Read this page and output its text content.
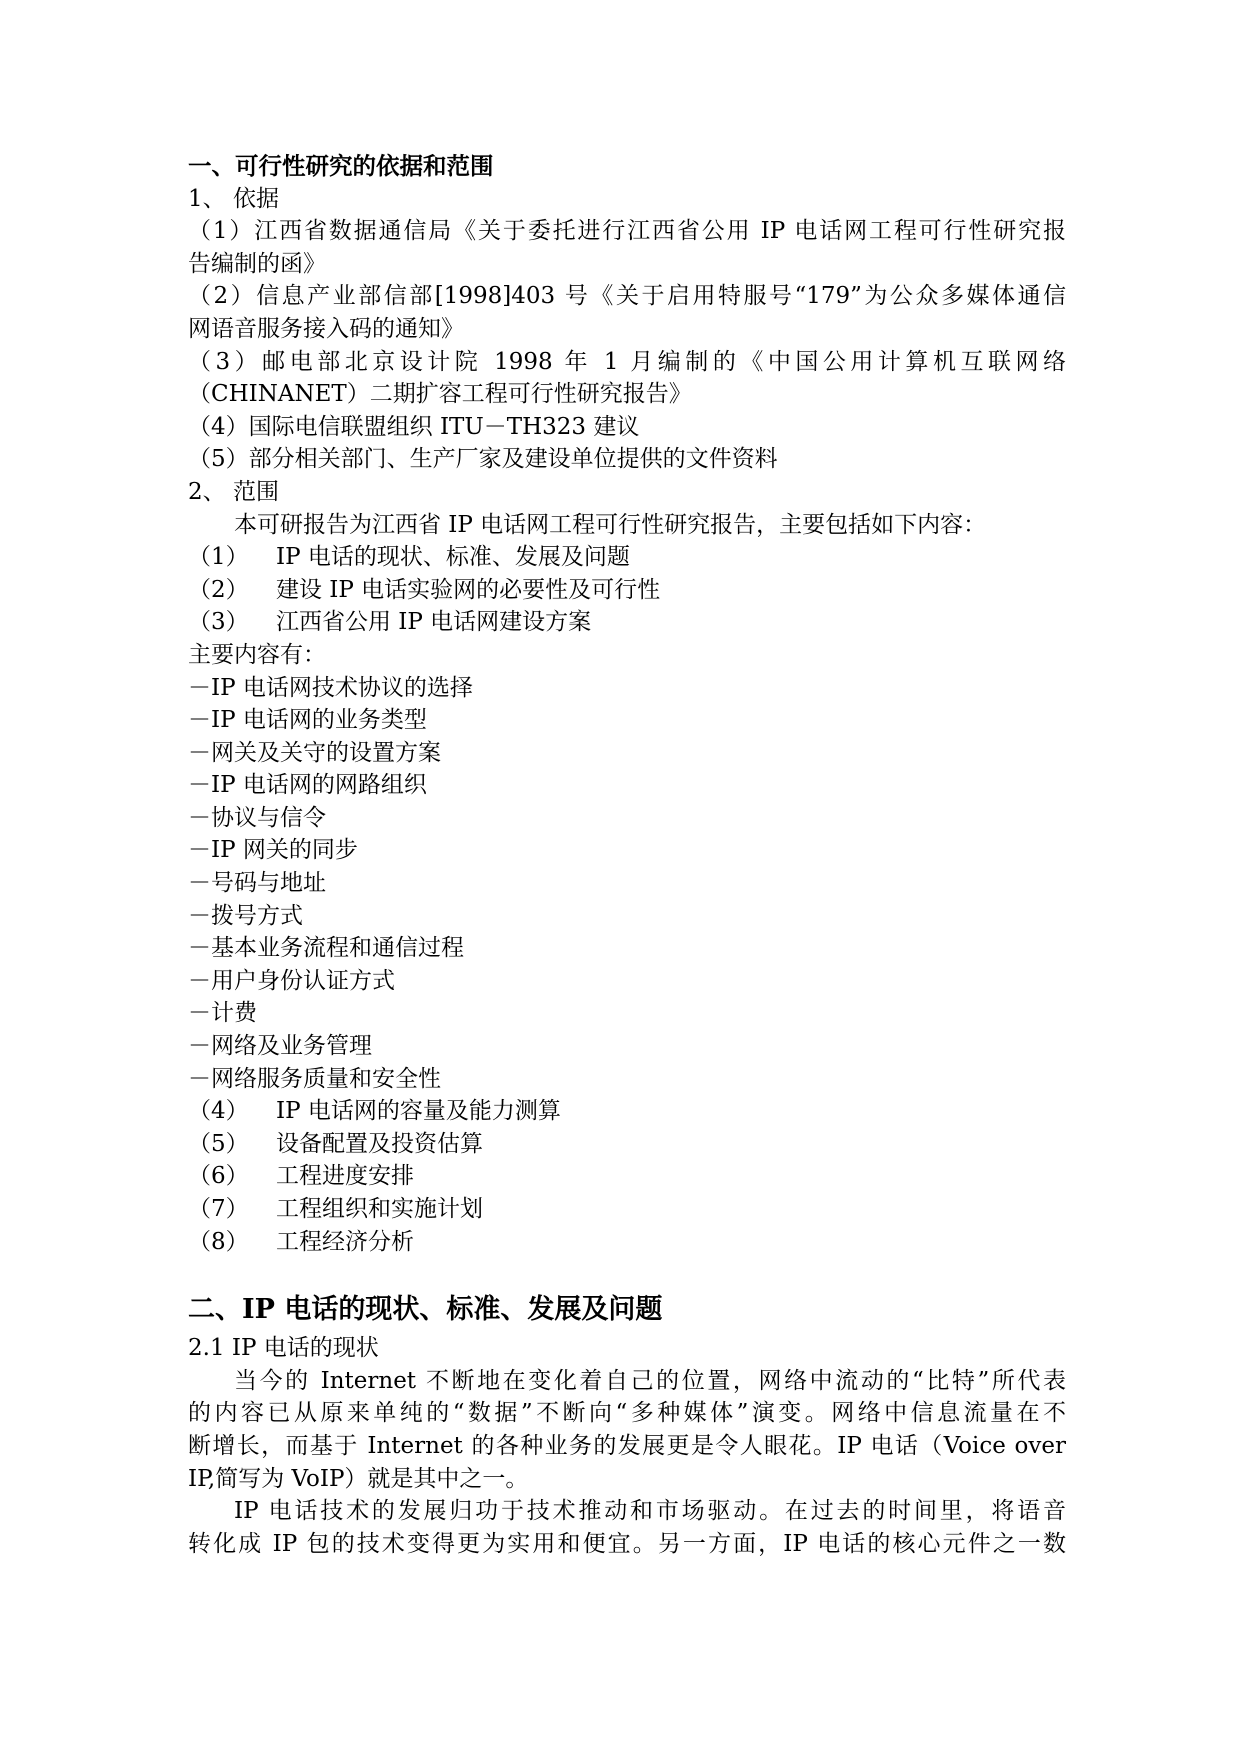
一、可行性研究的依据和范围
1、 依据
（1）江西省数据通信局《关于委托进行江西省公用 IP 电话网工程可行性研究报
告编制的函》
（2）信息产业部信部[1998]403 号《关于启用特服号“179”为公众多媒体通信
网语音服务接入码的通知》
（3）邮电部北京设计院 1998 年 1 月编制的《中国公用计算机互联网络
（CHINANET）二期扩容工程可行性研究报告》
（4）国际电信联盟组织 ITU－TH323 建议
（5）部分相关部门、生产厂家及建设单位提供的文件资料
2、 范围
本可研报告为江西省 IP 电话网工程可行性研究报告，主要包括如下内容：
（1） IP 电话的现状、标准、发展及问题
（2） 建设 IP 电话实验网的必要性及可行性
（3） 江西省公用 IP 电话网建设方案
主要内容有：
－IP 电话网技术协议的选择
－IP 电话网的业务类型
－网关及关守的设置方案
－IP 电话网的网路组织
－协议与信令
－IP 网关的同步
－号码与地址
－拨号方式
－基本业务流程和通信过程
－用户身份认证方式
－计费
－网络及业务管理
－网络服务质量和安全性
（4） IP 电话网的容量及能力测算
（5） 设备配置及投资估算
（6） 工程进度安排
（7） 工程组织和实施计划
（8） 工程经济分析
二、IP 电话的现状、标准、发展及问题
2.1 IP 电话的现状
当今的 Internet 不断地在变化着自己的位置，网络中流动的“比特”所代表
的内容已从原来单纯的“数据”不断向“多种媒体”演变。网络中信息流量在不
断增长，而基于 Internet 的各种业务的发展更是令人眼花。IP 电话（Voice over
IP,简写为 VoIP）就是其中之一。
IP 电话技术的发展归功于技术推动和市场驱动。在过去的时间里，将语音
转化成 IP 包的技术变得更为实用和便宜。另一方面，IP 电话的核心元件之一数
